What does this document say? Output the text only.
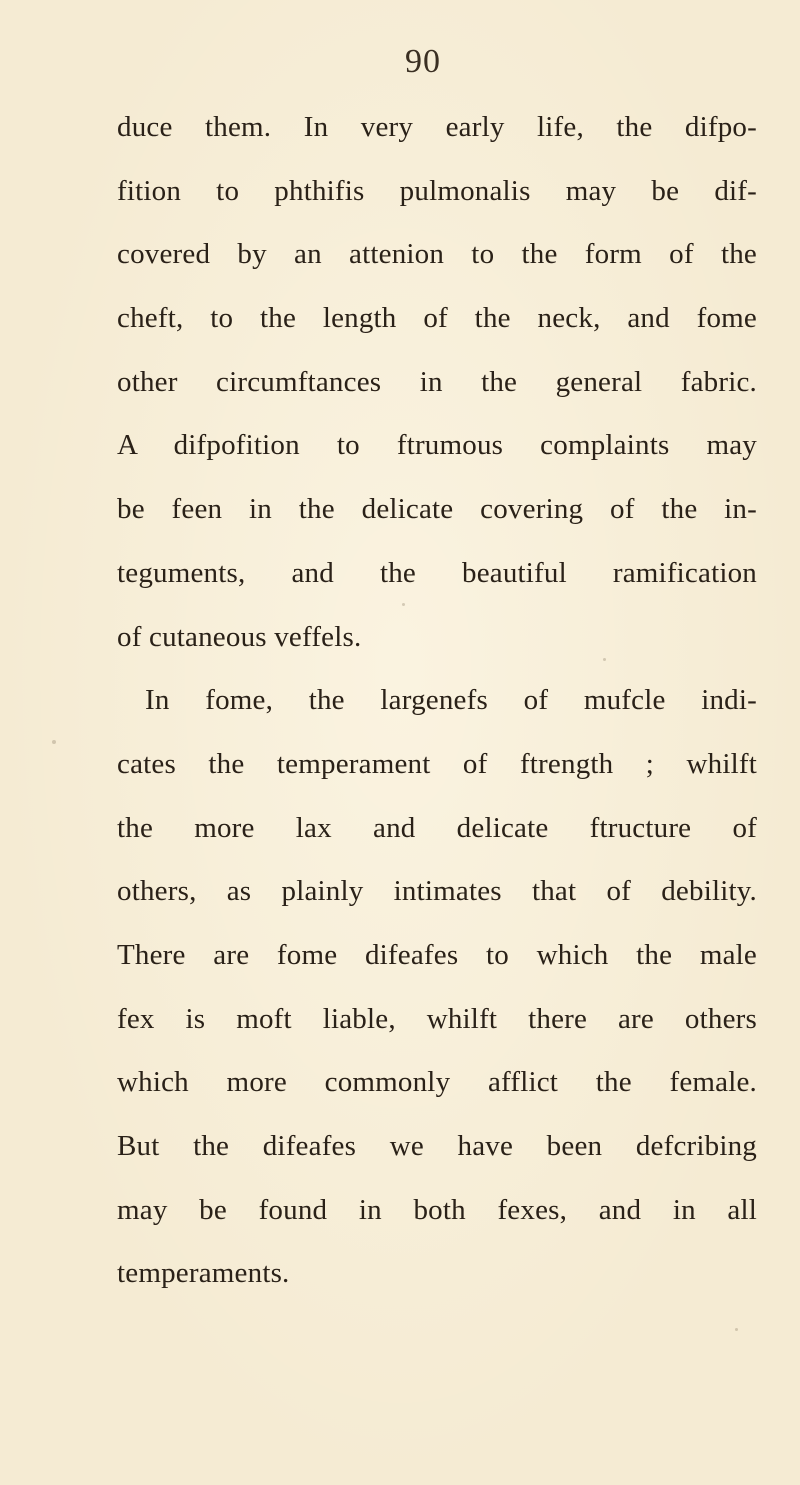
90
duce them. In very early life, the difpo-
fition to phthifis pulmonalis may be dif-
covered by an attenion to the form of the
cheft, to the length of the neck, and fome
other circumftances in the general fabric.
A difpofition to ftrumous complaints may
be feen in the delicate covering of the in-
teguments, and the beautiful ramification
of cutaneous veffels.
In fome, the largenefs of mufcle indi-
cates the temperament of ftrength ; whilft
the more lax and delicate ftructure of
others, as plainly intimates that of debility.
There are fome difeafes to which the male
fex is moft liable, whilft there are others
which more commonly afflict the female.
But the difeafes we have been defcribing
may be found in both fexes, and in all
temperaments.
